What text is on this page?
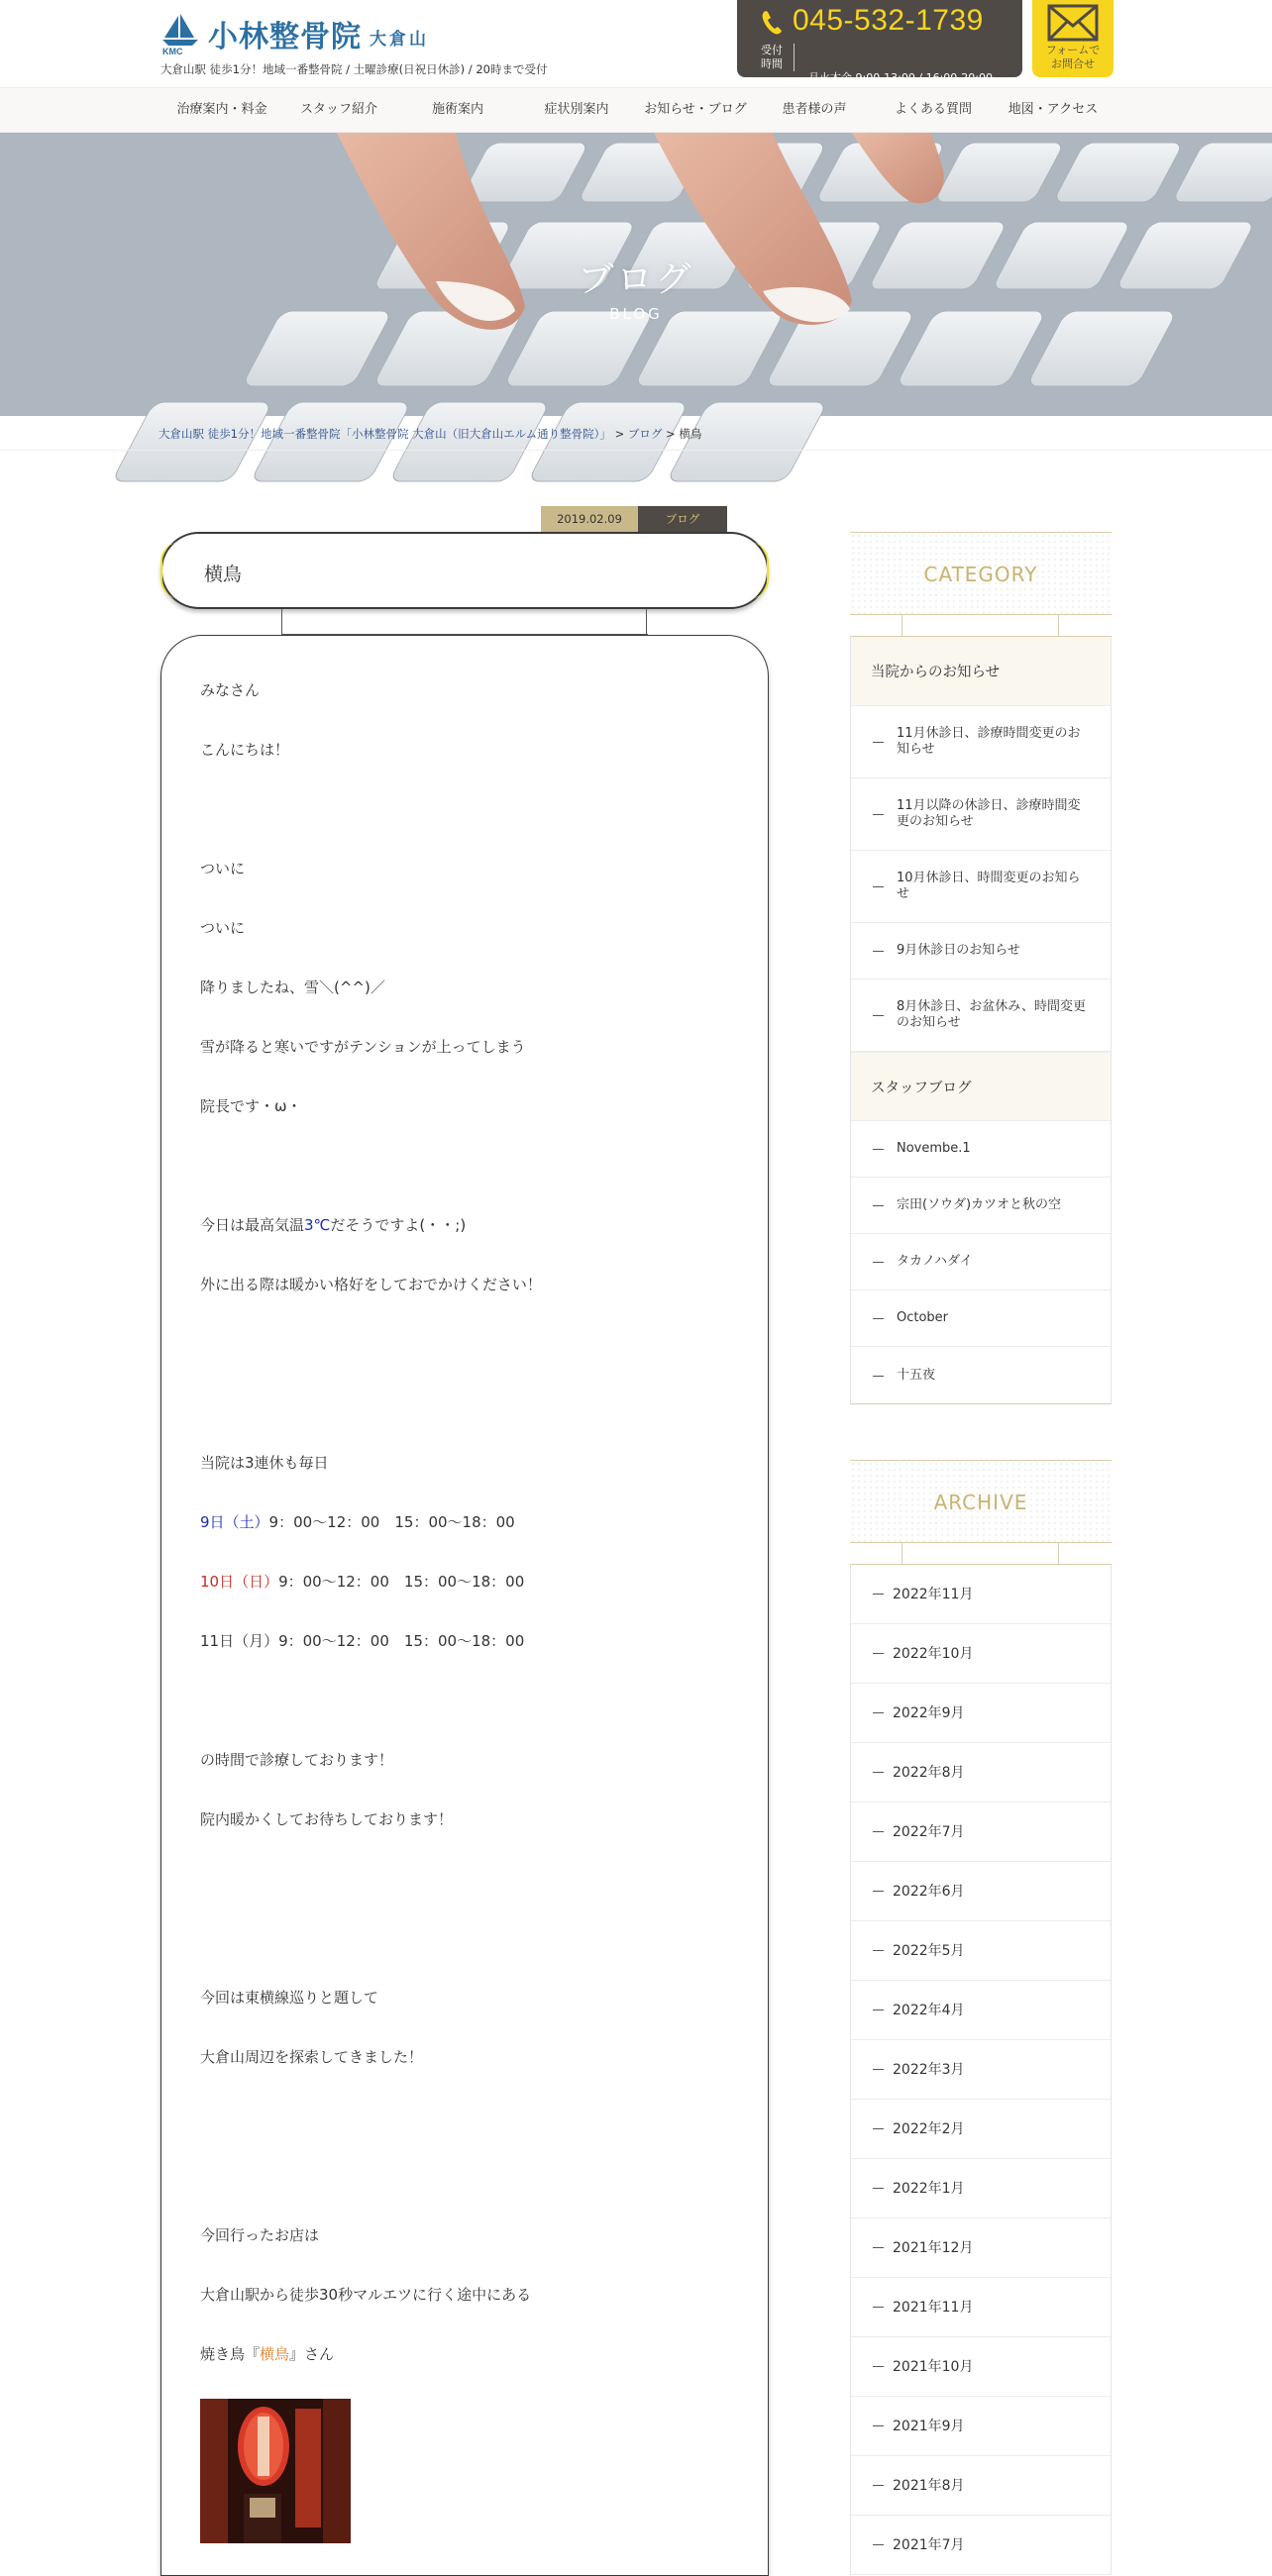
KMC 小林整骨院 大倉山
大倉山駅 徒歩1分！地域一番整骨院 / 土曜診療(日祝日休診) / 20時まで受付
045-532-1739
受付
時間

月火木金 9:00-13:00 / 16:00-20:00

フォームで
お問合せ
治療案内・料金	スタッフ紹介	施術案内	症状別案内	お知らせ・ブログ	患者様の声	よくある質問	地図・アクセス
ブログ
BLOG
大倉山駅 徒歩1分！地域一番整骨院「小林整骨院 大倉山（旧大倉山エルム通り整骨院）」 > ブログ > 横鳥
2019.02.09	ブログ
横鳥
みなさん
こんにちは！
ついに
ついに
降りましたね、雪＼(^^)／
雪が降ると寒いですがテンションが上ってしまう
院長です・ω・
今日は最高気温3℃だそうですよ(・・;)
外に出る際は暖かい格好をしておでかけください！
当院は3連休も毎日
9日（土）9：00～12：00　15：00～18：00
10日（日）9：00～12：00　15：00～18：00
11日（月）9：00～12：00　15：00～18：00
の時間で診療しております！
院内暖かくしてお待ちしております！
今回は東横線巡りと題して
大倉山周辺を探索してきました！
今回行ったお店は
大倉山駅から徒歩30秒マルエツに行く途中にある
焼き鳥『横鳥』さん
CATEGORY
当院からのお知らせ
11月休診日、診療時間変更のお知らせ
11月以降の休診日、診療時間変更のお知らせ
10月休診日、時間変更のお知らせ
9月休診日のお知らせ
8月休診日、お盆休み、時間変更のお知らせ
スタッフブログ
Novembe.1
宗田(ソウダ)カツオと秋の空
タカノハダイ
October
十五夜
ARCHIVE
2022年11月
2022年10月
2022年9月
2022年8月
2022年7月
2022年6月
2022年5月
2022年4月
2022年3月
2022年2月
2022年1月
2021年12月
2021年11月
2021年10月
2021年9月
2021年8月
2021年7月
